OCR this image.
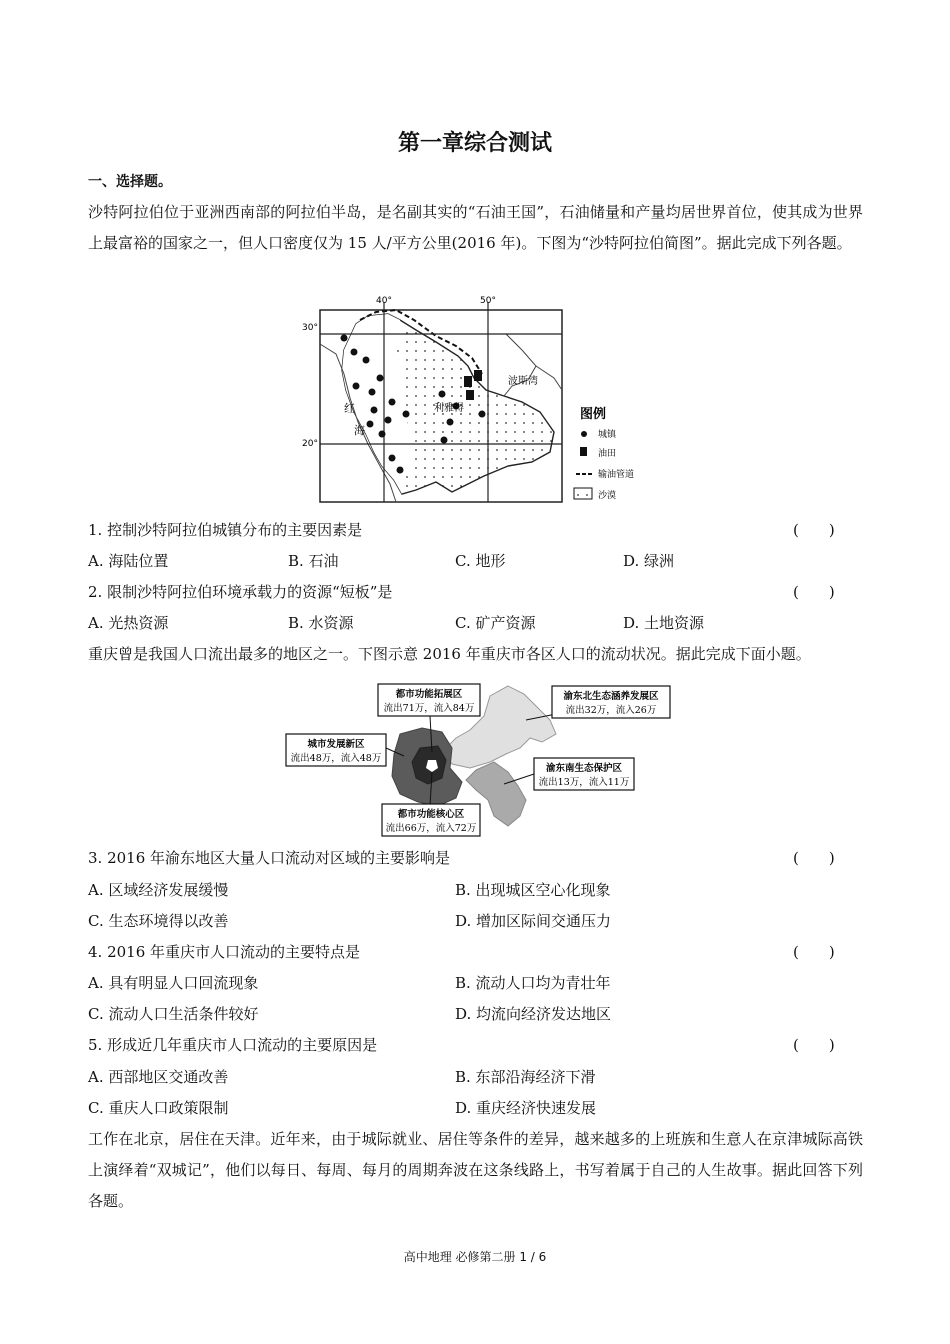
第一章综合测试
一、选择题。
沙特阿拉伯位于亚洲西南部的阿拉伯半岛，是名副其实的“石油王国”，石油储量和产量均居世界首位，使其成为世界上最富裕的国家之一，但人口密度仅为 15 人/平方公里(2016 年)。下图为“沙特阿拉伯简图”。据此完成下列各题。
30°
20°
40°	50°
红
海
利雅得
波斯湾
图例
城镇
油田
输油管道
沙漠
1. 控制沙特阿拉伯城镇分布的主要因素是	(　　)
A. 海陆位置	B. 石油	C. 地形	D. 绿洲
2. 限制沙特阿拉伯环境承载力的资源“短板”是	(　　)
A. 光热资源	B. 水资源	C. 矿产资源	D. 土地资源
重庆曾是我国人口流出最多的地区之一。下图示意 2016 年重庆市各区人口的流动状况。据此完成下面小题。
都市功能拓展区
流出71万，流入84万
渝东北生态涵养发展区
流出32万，流入26万
城市发展新区
流出48万，流入48万
渝东南生态保护区
流出13万，流入11万
都市功能核心区
流出66万，流入72万
3. 2016 年渝东地区大量人口流动对区域的主要影响是	(　　)
A. 区域经济发展缓慢	B. 出现城区空心化现象
C. 生态环境得以改善	D. 增加区际间交通压力
4. 2016 年重庆市人口流动的主要特点是	(　　)
A. 具有明显人口回流现象	B. 流动人口均为青壮年
C. 流动人口生活条件较好	D. 均流向经济发达地区
5. 形成近几年重庆市人口流动的主要原因是	(　　)
A. 西部地区交通改善	B. 东部沿海经济下滑
C. 重庆人口政策限制	D. 重庆经济快速发展
工作在北京，居住在天津。近年来，由于城际就业、居住等条件的差异，越来越多的上班族和生意人在京津城际高铁上演绎着“双城记”，他们以每日、每周、每月的周期奔波在这条线路上，书写着属于自己的人生故事。据此回答下列各题。
高中地理 必修第二册 1 / 6
